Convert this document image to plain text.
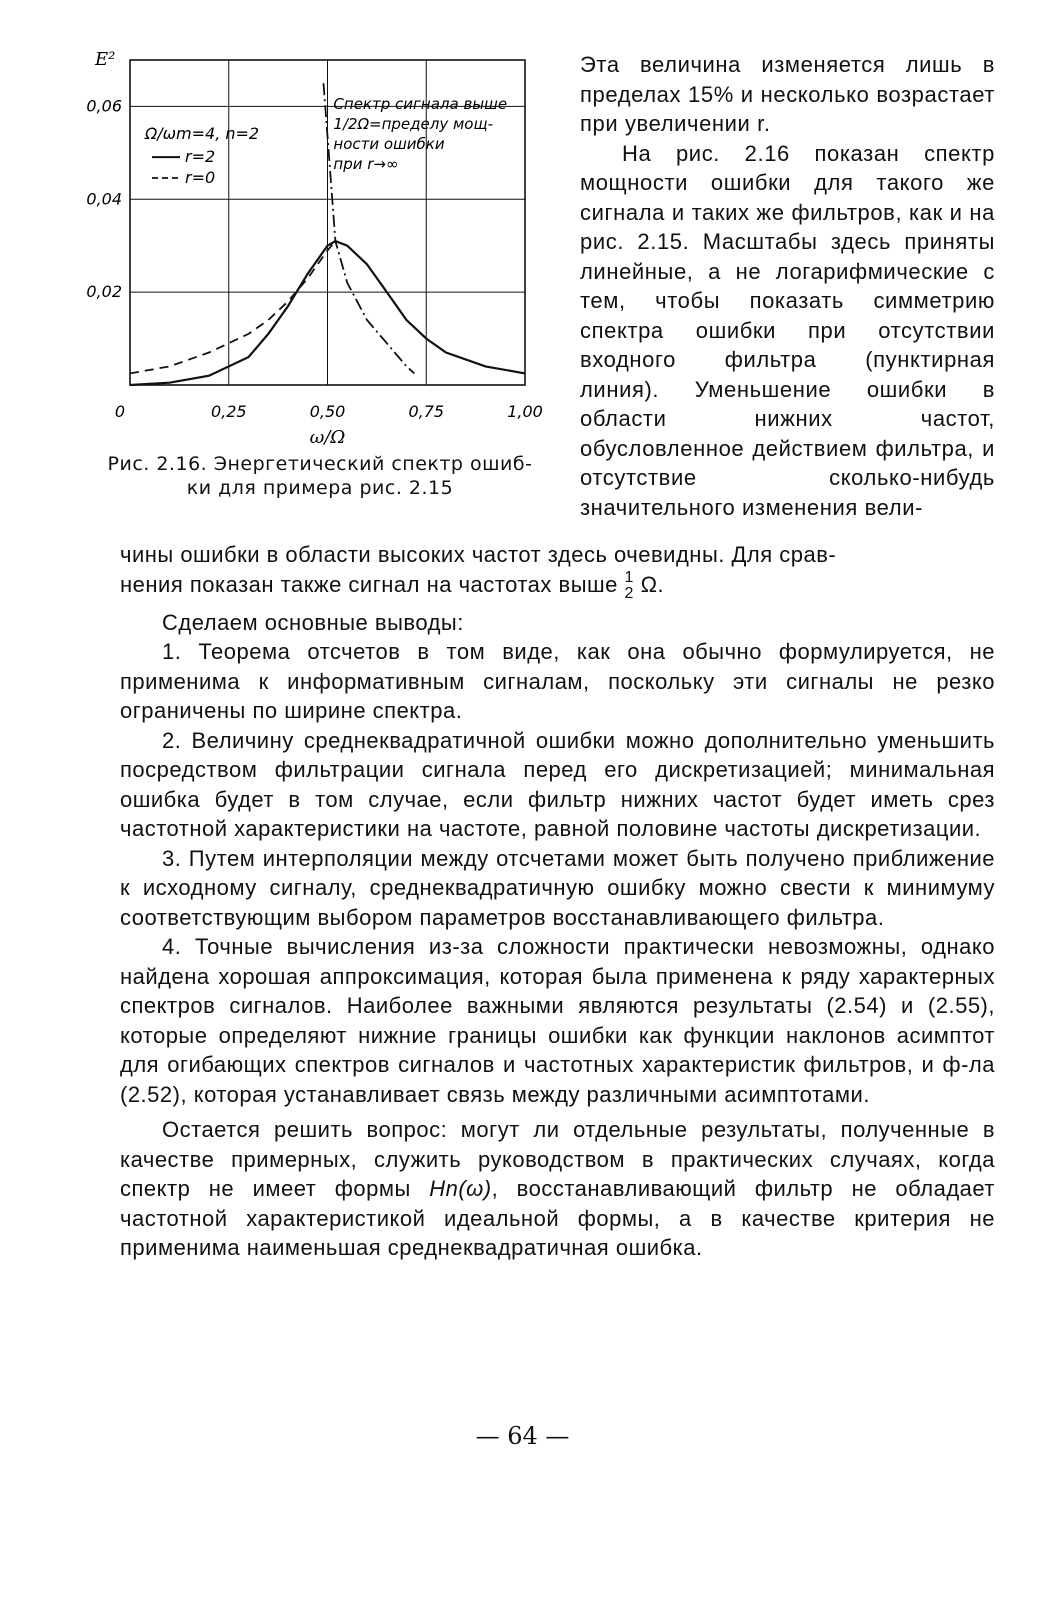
0,06
0,04
0,02
0	0,25	0,50	0,75	1,00
E²
ω/Ω
Ω/ωm=4, n=2
r=2
r=0
Спектр сигнала выше
1/2Ω=пределу мощ-
ности ошибки
при r→∞
Рис. 2.16. Энергетический спектр ошиб-
ки для примера рис. 2.15

Эта величина изменяется лишь в пределах 15% и несколько возрастает при увеличении r.

На рис. 2.16 показан спектр мощности ошибки для такого же сигнала и таких же фильтров, как и на рис. 2.15. Масштабы здесь приняты линейные, а не логарифмические с тем, чтобы показать симметрию спектра ошибки при отсутствии входного фильтра (пунктирная линия). Уменьшение ошибки в области нижних частот, обусловленное действием фильтра, и отсутствие сколько-нибудь значительного изменения вели-

чины ошибки в области высоких частот здесь очевидны. Для срав-

нения показан также сигнал на частотах выше 1
2 Ω.

Сделаем основные выводы:

1. Теорема отсчетов в том виде, как она обычно формулируется, не применима к информативным сигналам, поскольку эти сигналы не резко ограничены по ширине спектра.

2. Величину среднеквадратичной ошибки можно дополнительно уменьшить посредством фильтрации сигнала перед его дискретизацией; минимальная ошибка будет в том случае, если фильтр нижних частот будет иметь срез частотной характеристики на частоте, равной половине частоты дискретизации.

3. Путем интерполяции между отсчетами может быть получено приближение к исходному сигналу, среднеквадратичную ошибку можно свести к минимуму соответствующим выбором параметров восстанавливающего фильтра.

4. Точные вычисления из-за сложности практически невозможны, однако найдена хорошая аппроксимация, которая была применена к ряду характерных спектров сигналов. Наиболее важными являются результаты (2.54) и (2.55), которые определяют нижние границы ошибки как функции наклонов асимптот для огибающих спектров сигналов и частотных характеристик фильтров, и ф-ла (2.52), которая устанавливает связь между различными асимптотами.

Остается решить вопрос: могут ли отдельные результаты, полученные в качестве примерных, служить руководством в практических случаях, когда спектр не имеет формы Hn(ω), восстанавливающий фильтр не обладает частотной характеристикой идеальной формы, а в качестве критерия не применима наименьшая среднеквадратичная ошибка.

— 64 —
